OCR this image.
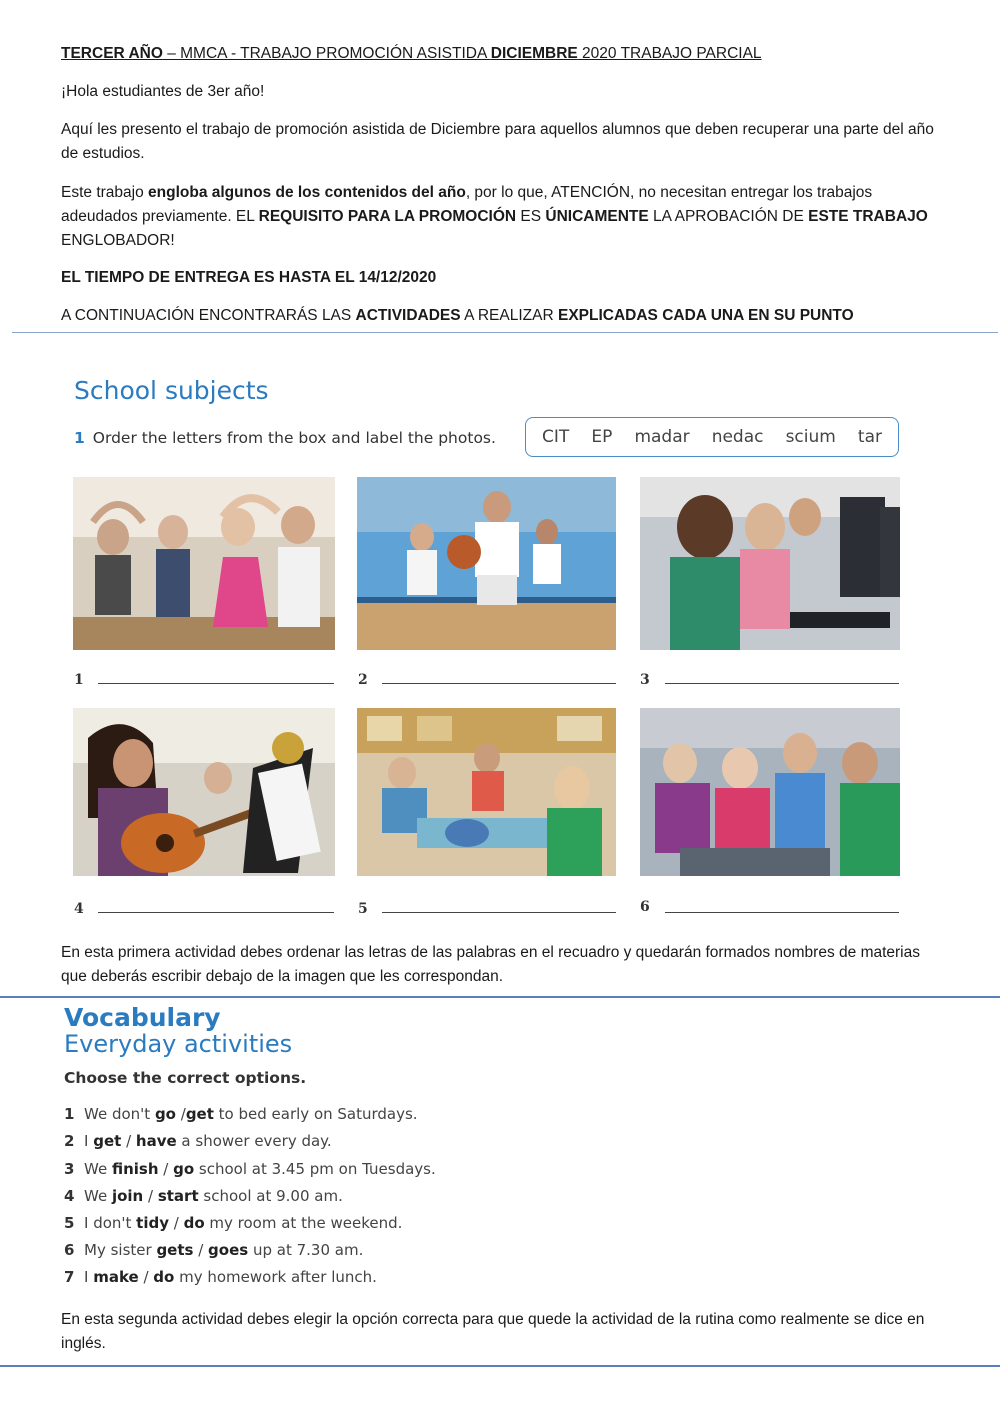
TERCER AÑO – MMCA - TRABAJO PROMOCIÓN ASISTIDA DICIEMBRE 2020 TRABAJO PARCIAL

¡Hola estudiantes de 3er año!

Aquí les presento el trabajo de promoción asistida de Diciembre para aquellos alumnos que deben recuperar una parte del año de estudios.

Este trabajo engloba algunos de los contenidos del año, por lo que, ATENCIÓN, no necesitan entregar los trabajos adeudados previamente. EL REQUISITO PARA LA PROMOCIÓN ES ÚNICAMENTE LA APROBACIÓN DE ESTE TRABAJO ENGLOBADOR!

EL TIEMPO DE ENTREGA ES HASTA EL 14/12/2020

A CONTINUACIÓN ENCONTRARÁS LAS ACTIVIDADES A REALIZAR EXPLICADAS CADA UNA EN SU PUNTO

School subjects
1 Order the letters from the box and label the photos.	CIT EP madar nedac scium tar
1	2	3
4	5	6

En esta primera actividad debes ordenar las letras de las palabras en el recuadro y quedarán formados nombres de materias que deberás escribir debajo de la imagen que les correspondan.

Vocabulary
Everyday activities
Choose the correct options.
1 We don't go /get to bed early on Saturdays.
2 I get / have a shower every day.
3 We finish / go school at 3.45 pm on Tuesdays.
4 We join / start school at 9.00 am.
5 I don't tidy / do my room at the weekend.
6 My sister gets / goes up at 7.30 am.
7 I make / do my homework after lunch.

En esta segunda actividad debes elegir la opción correcta para que quede la actividad de la rutina como realmente se dice en inglés.
